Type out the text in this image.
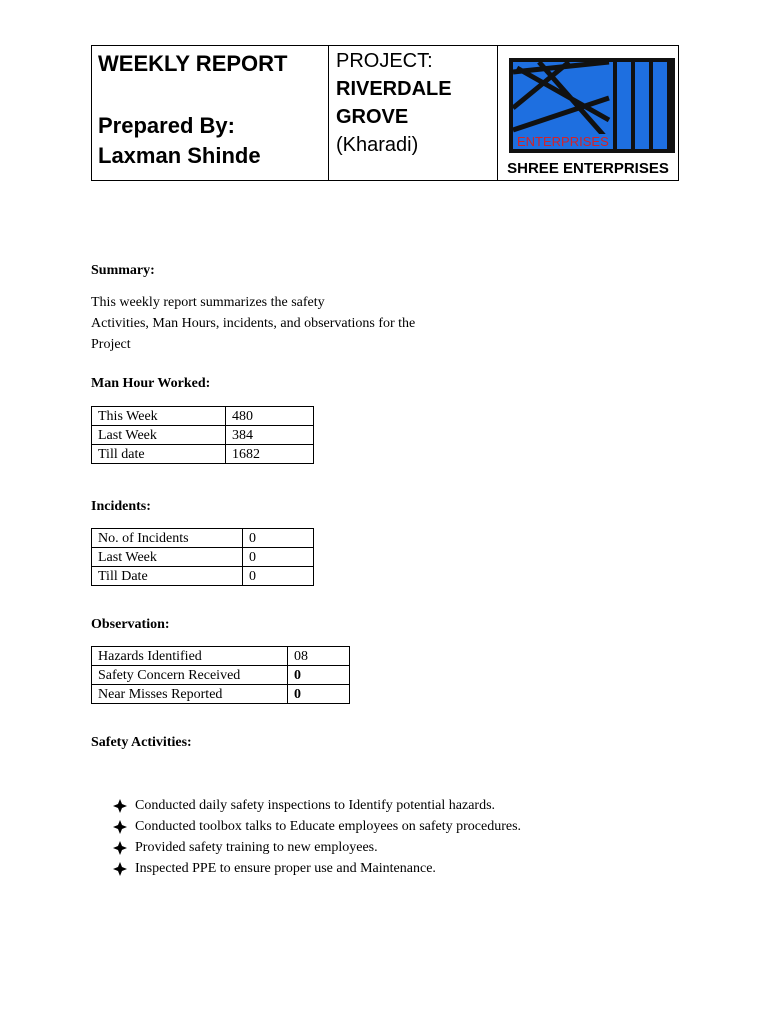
WEEKLY REPORT
Prepared By:
Laxman Shinde

PROJECT:
RIVERDALE
GROVE
(Kharadi)	ENTERPRISES
SHREE ENTERPRISES
Summary:
This weekly report summarizes the safety
Activities, Man Hours, incidents, and observations for the
Project
Man Hour Worked:
This Week	480
Last Week	384
Till date	1682
Incidents:
No. of Incidents	0
Last Week	0
Till Date	0
Observation:
Hazards Identified	08
Safety Concern Received	0
Near Misses Reported	0
Safety Activities:
Conducted daily safety inspections to Identify potential hazards.
Conducted toolbox talks to Educate employees on safety procedures.
Provided safety training to new employees.
Inspected PPE to ensure proper use and Maintenance.
